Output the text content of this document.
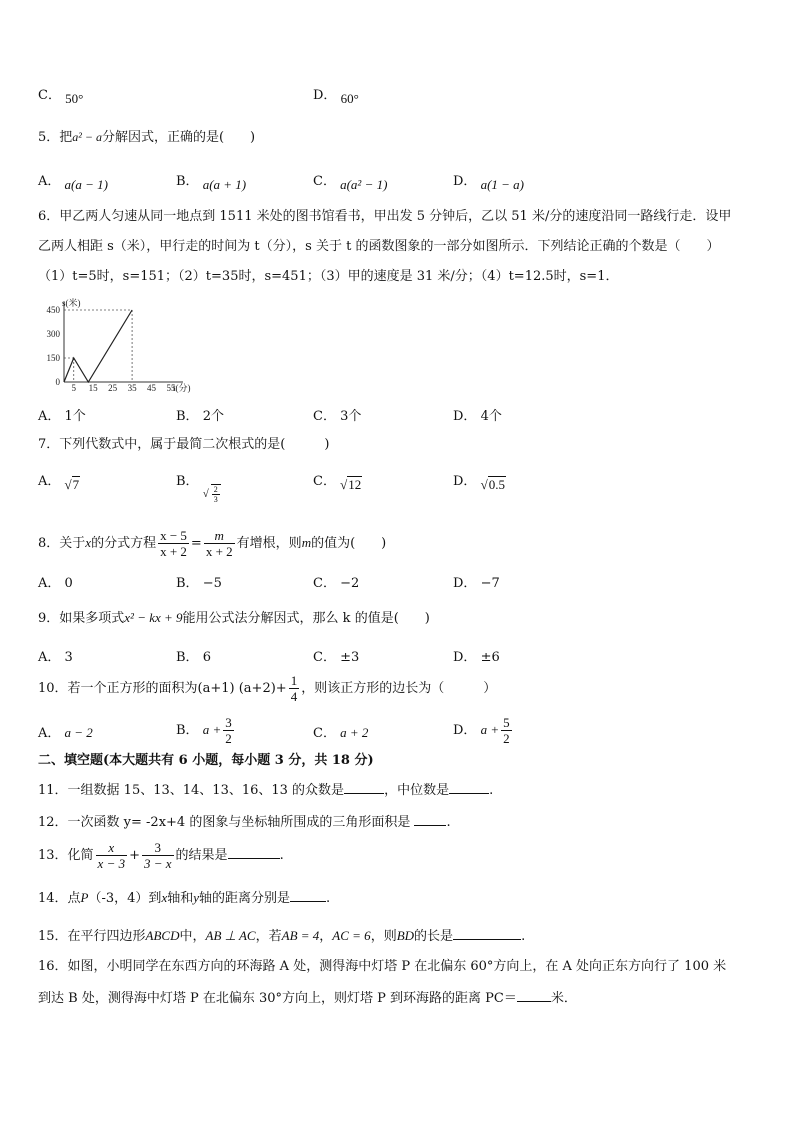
C． 50°	D． 60°
5．把a² − a分解因式，正确的是(　　)
A． a(a − 1)	B． a(a + 1)	C． a(a² − 1)	D． a(1 − a)
6．甲乙两人匀速从同一地点到 1511 米处的图书馆看书，甲出发 5 分钟后，乙以 51 米/分的速度沿同一路线行走．设甲
乙两人相距 s（米），甲行走的时间为 t（分），s 关于 t 的函数图象的一部分如图所示．下列结论正确的个数是（　　）
（1）t=5时，s=151；（2）t=35时，s=451；（3）甲的速度是 31 米/分；（4）t=12.5时，s=1．
s(米)
t(分)
450
300
150
0
5 15 25 35 45 55
A． 1个	B． 2个	C． 3个	D． 4个
7．下列代数式中，属于最简二次根式的是(　　　)
A． √7	B． $_{√ \frac{2}{3}}$
C． √12	D． √0.5
8．关于x的分式方程 $\frac{x - 5}{x + 2} = \frac{m}{x + 2}$ 有增根，则m的值为(　　)
A． 0	B． −5	C． −2	D． −7
9．如果多项式x² − kx + 9能用公式法分解因式，那么 k 的值是(　　)
A． 3	B． 6	C． ±3	D． ±6
10．若一个正方形的面积为(a+1) $(a+2)+ \frac{1}{4}$ ，则该正方形的边长为（　　　）
A． a − 2	B． $a + \frac{3}{2}$	C． a + 2	D． $a + \frac{5}{2}$
二、填空题(本大题共有 6 小题，每小题 3 分，共 18 分)
11．一组数据 15、13、14、13、16、13 的众数是	，中位数是	.
12．一次函数 y= -2x+4 的图象与坐标轴所围成的三角形面积是	.
13．化简 $\frac{x}{x - 3} + \frac{3}{3 - x}$ 的结果是	.
14．点P（-3，4）到x轴和y轴的距离分别是	.
15．在平行四边形ABCD中，AB ⊥ AC，若AB = 4，AC = 6，则BD的长是	.
16．如图，小明同学在东西方向的环海路 A 处，测得海中灯塔 P 在北偏东 60°方向上，在 A 处向正东方向行了 100 米
到达 B 处，测得海中灯塔 P 在北偏东 30°方向上，则灯塔 P 到环海路的距离 PC＝	米．
